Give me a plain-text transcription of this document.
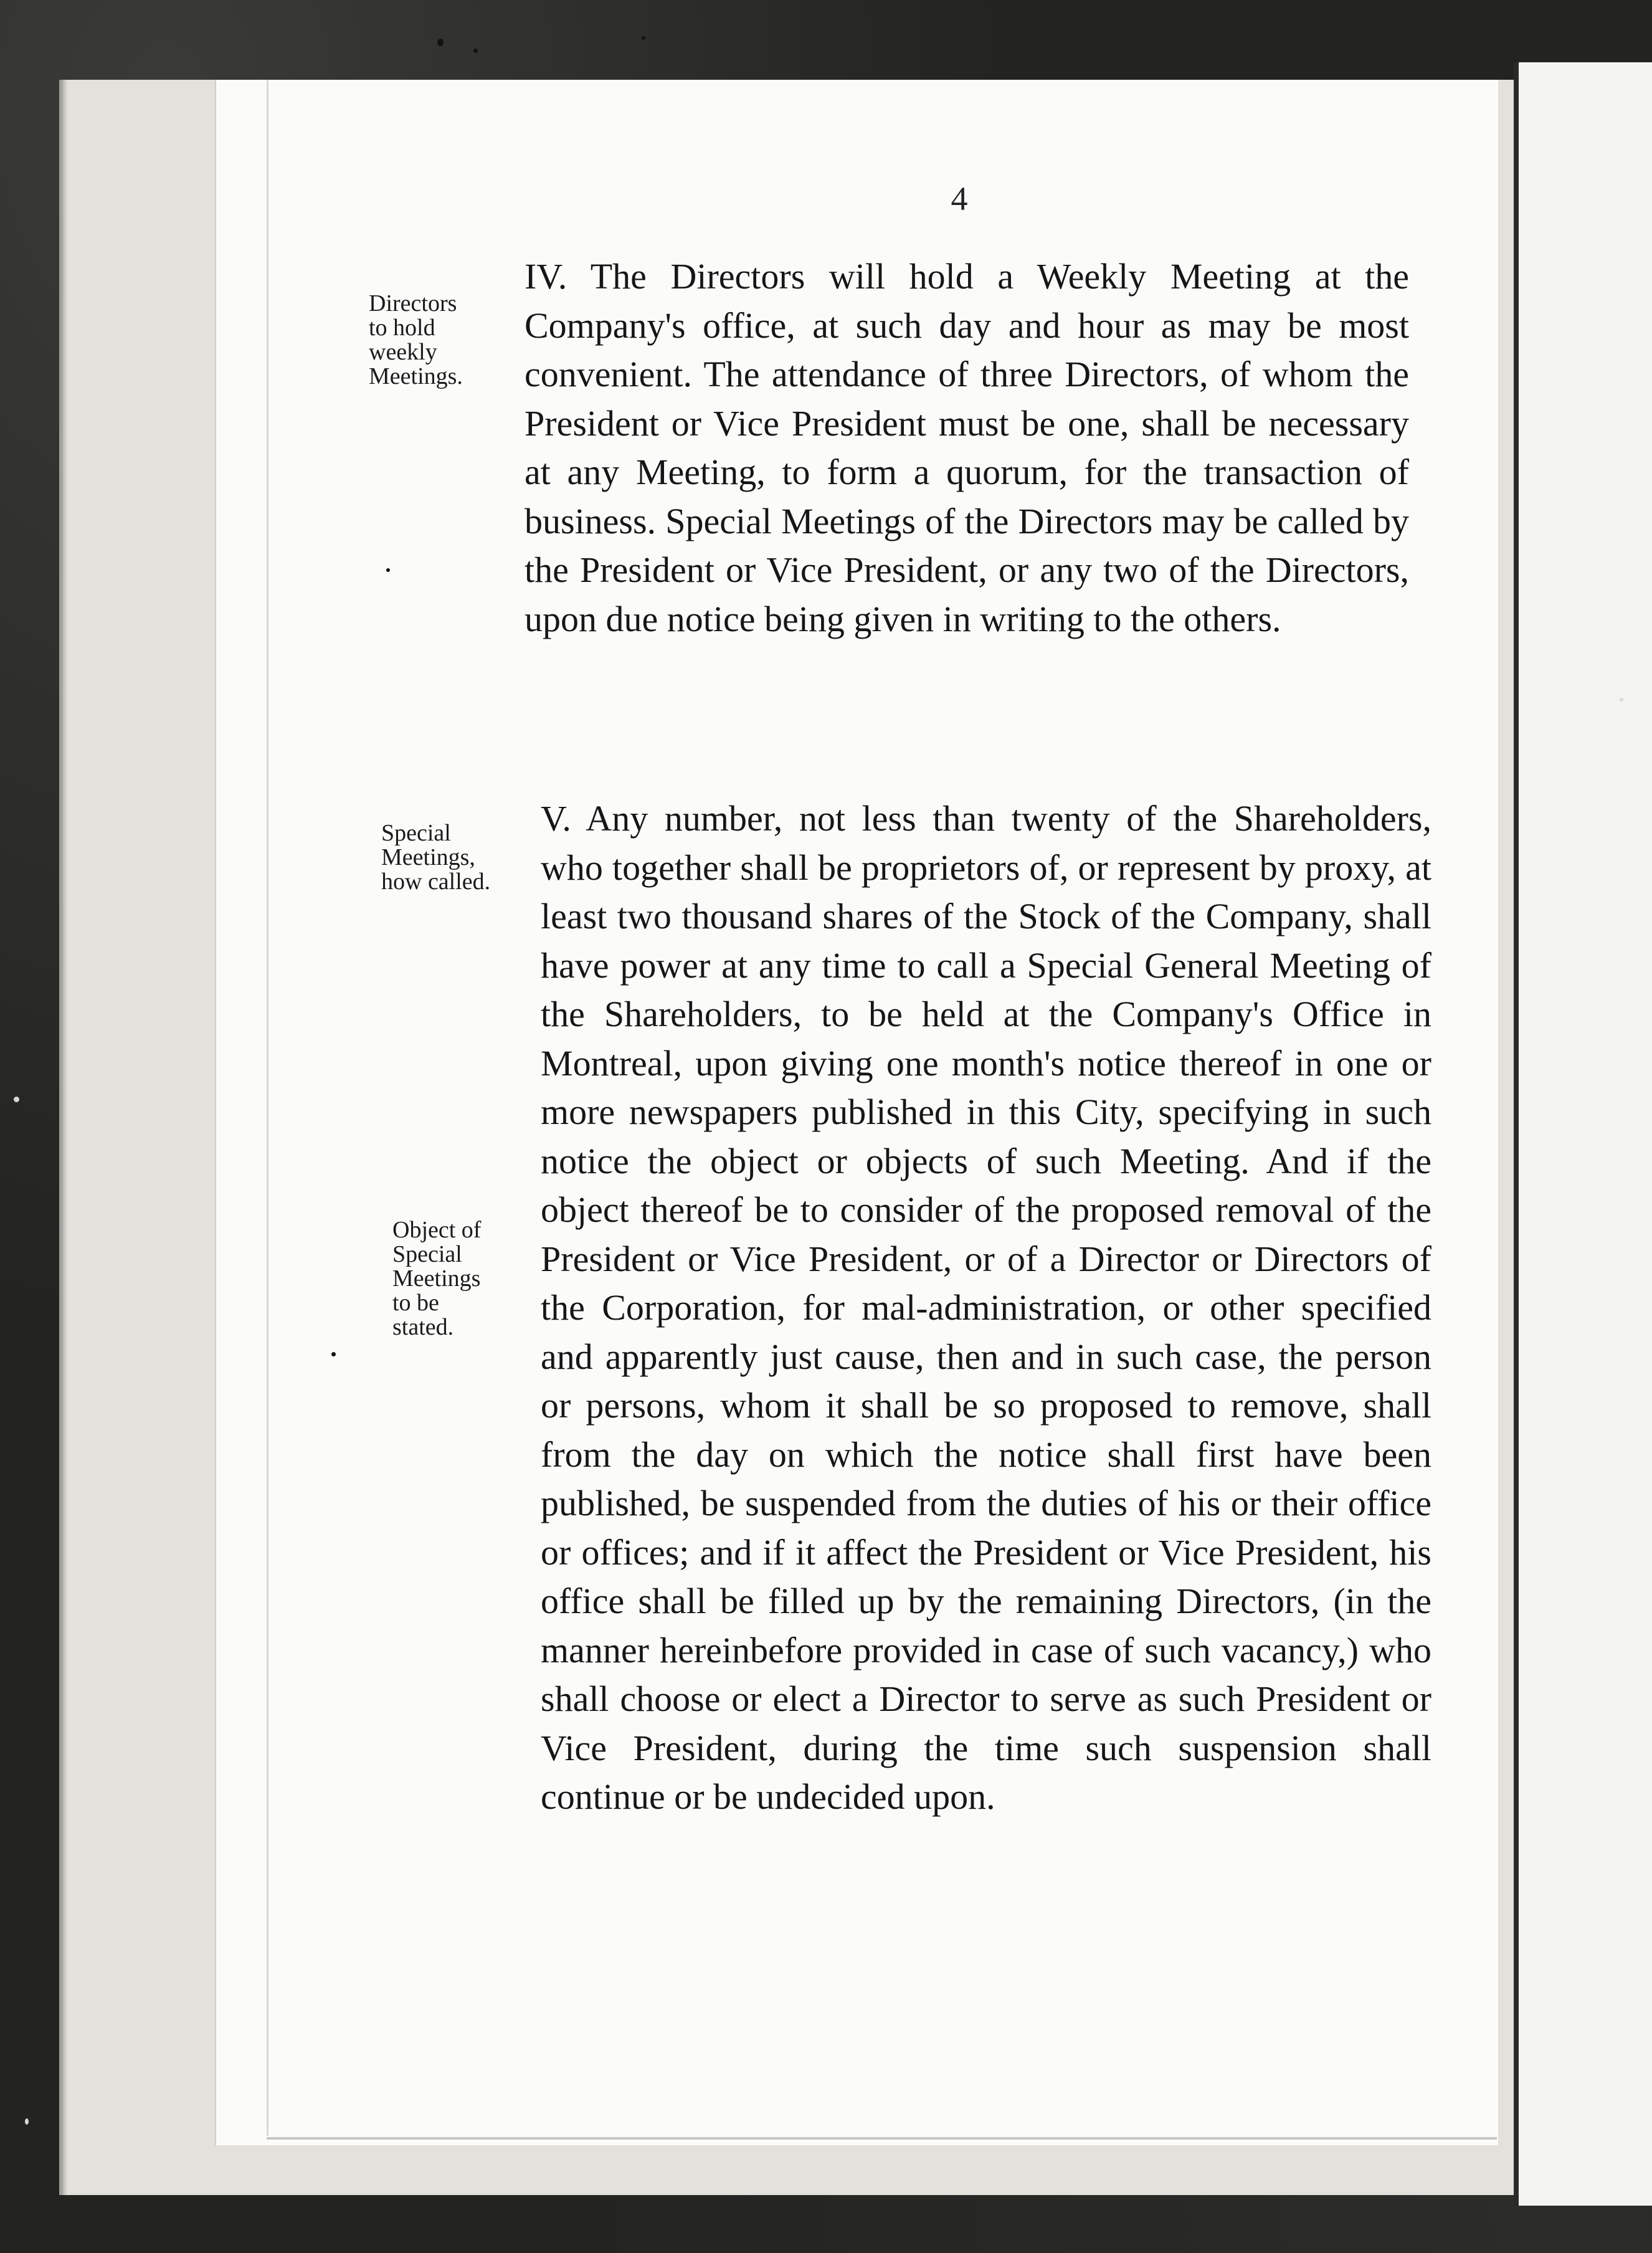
4

Directors
to hold
weekly
Meetings.

Special
Meetings,
how called.

Object of
Special
Meetings
to be
stated.

IV. The Directors will hold a Weekly Meeting at the Company's office, at such day and hour as may be most convenient. The attendance of three Directors, of whom the President or Vice President must be one, shall be necessary at any Meeting, to form a quorum, for the transaction of business. Special Meetings of the Directors may be called by the President or Vice President, or any two of the Directors, upon due notice being given in writing to the others.

V. Any number, not less than twenty of the Shareholders, who together shall be proprietors of, or represent by proxy, at least two thousand shares of the Stock of the Company, shall have power at any time to call a Special General Meeting of the Shareholders, to be held at the Company's Office in Montreal, upon giving one month's notice thereof in one or more newspapers published in this City, specifying in such notice the object or objects of such Meeting. And if the object thereof be to consider of the proposed removal of the President or Vice President, or of a Director or Directors of the Corporation, for mal-administration, or other specified and apparently just cause, then and in such case, the person or persons, whom it shall be so proposed to remove, shall from the day on which the notice shall first have been published, be suspended from the duties of his or their office or offices; and if it affect the President or Vice President, his office shall be filled up by the remaining Directors, (in the manner hereinbefore provided in case of such vacancy,) who shall choose or elect a Director to serve as such President or Vice President, during the time such suspension shall continue or be undecided upon.
